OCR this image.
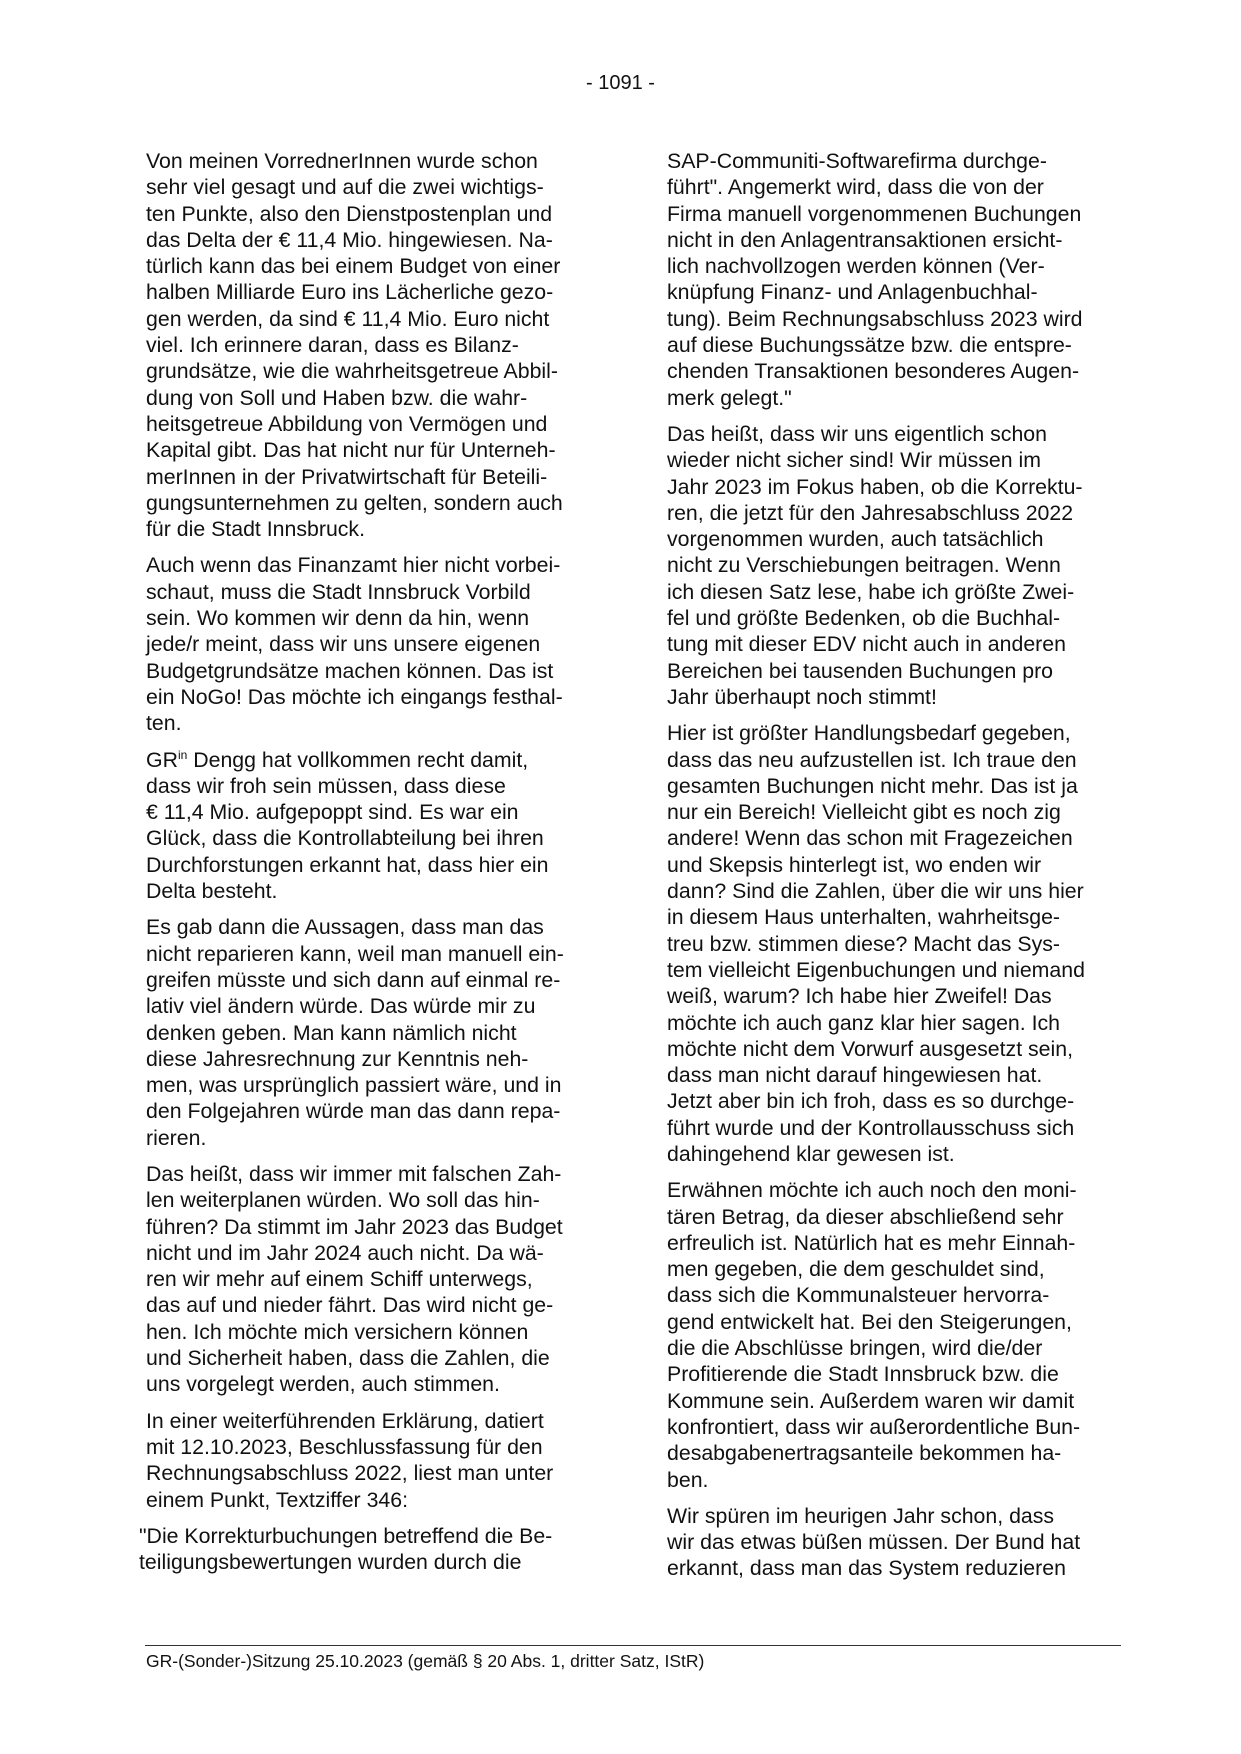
- 1091 -

Von meinen VorrednerInnen wurde schon
sehr viel gesagt und auf die zwei wichtigs-
ten Punkte, also den Dienstpostenplan und
das Delta der € 11,4 Mio. hingewiesen. Na-
türlich kann das bei einem Budget von einer
halben Milliarde Euro ins Lächerliche gezo-
gen werden, da sind € 11,4 Mio. Euro nicht
viel. Ich erinnere daran, dass es Bilanz-
grundsätze, wie die wahrheitsgetreue Abbil-
dung von Soll und Haben bzw. die wahr-
heitsgetreue Abbildung von Vermögen und
Kapital gibt. Das hat nicht nur für Unterneh-
merInnen in der Privatwirtschaft für Beteili-
gungsunternehmen zu gelten, sondern auch
für die Stadt Innsbruck.

Auch wenn das Finanzamt hier nicht vorbei-
schaut, muss die Stadt Innsbruck Vorbild
sein. Wo kommen wir denn da hin, wenn
jede/r meint, dass wir uns unsere eigenen
Budgetgrundsätze machen können. Das ist
ein NoGo! Das möchte ich eingangs festhal-
ten.

$GR^{in}$ Dengg hat vollkommen recht damit,
dass wir froh sein müssen, dass diese
€ 11,4 Mio. aufgepoppt sind. Es war ein
Glück, dass die Kontrollabteilung bei ihren
Durchforstungen erkannt hat, dass hier ein
Delta besteht.

Es gab dann die Aussagen, dass man das
nicht reparieren kann, weil man manuell ein-
greifen müsste und sich dann auf einmal re-
lativ viel ändern würde. Das würde mir zu
denken geben. Man kann nämlich nicht
diese Jahresrechnung zur Kenntnis neh-
men, was ursprünglich passiert wäre, und in
den Folgejahren würde man das dann repa-
rieren.

Das heißt, dass wir immer mit falschen Zah-
len weiterplanen würden. Wo soll das hin-
führen? Da stimmt im Jahr 2023 das Budget
nicht und im Jahr 2024 auch nicht. Da wä-
ren wir mehr auf einem Schiff unterwegs,
das auf und nieder fährt. Das wird nicht ge-
hen. Ich möchte mich versichern können
und Sicherheit haben, dass die Zahlen, die
uns vorgelegt werden, auch stimmen.

In einer weiterführenden Erklärung, datiert
mit 12.10.2023, Beschlussfassung für den
Rechnungsabschluss 2022, liest man unter
einem Punkt, Textziffer 346:

"Die Korrekturbuchungen betreffend die Be-
teiligungsbewertungen wurden durch die

SAP-Communiti-Softwarefirma durchge-
führt". Angemerkt wird, dass die von der
Firma manuell vorgenommenen Buchungen
nicht in den Anlagentransaktionen ersicht-
lich nachvollzogen werden können (Ver-
knüpfung Finanz- und Anlagenbuchhal-
tung). Beim Rechnungsabschluss 2023 wird
auf diese Buchungssätze bzw. die entspre-
chenden Transaktionen besonderes Augen-
merk gelegt."

Das heißt, dass wir uns eigentlich schon
wieder nicht sicher sind! Wir müssen im
Jahr 2023 im Fokus haben, ob die Korrektu-
ren, die jetzt für den Jahresabschluss 2022
vorgenommen wurden, auch tatsächlich
nicht zu Verschiebungen beitragen. Wenn
ich diesen Satz lese, habe ich größte Zwei-
fel und größte Bedenken, ob die Buchhal-
tung mit dieser EDV nicht auch in anderen
Bereichen bei tausenden Buchungen pro
Jahr überhaupt noch stimmt!

Hier ist größter Handlungsbedarf gegeben,
dass das neu aufzustellen ist. Ich traue den
gesamten Buchungen nicht mehr. Das ist ja
nur ein Bereich! Vielleicht gibt es noch zig
andere! Wenn das schon mit Fragezeichen
und Skepsis hinterlegt ist, wo enden wir
dann? Sind die Zahlen, über die wir uns hier
in diesem Haus unterhalten, wahrheitsge-
treu bzw. stimmen diese? Macht das Sys-
tem vielleicht Eigenbuchungen und niemand
weiß, warum? Ich habe hier Zweifel! Das
möchte ich auch ganz klar hier sagen. Ich
möchte nicht dem Vorwurf ausgesetzt sein,
dass man nicht darauf hingewiesen hat.
Jetzt aber bin ich froh, dass es so durchge-
führt wurde und der Kontrollausschuss sich
dahingehend klar gewesen ist.

Erwähnen möchte ich auch noch den moni-
tären Betrag, da dieser abschließend sehr
erfreulich ist. Natürlich hat es mehr Einnah-
men gegeben, die dem geschuldet sind,
dass sich die Kommunalsteuer hervorra-
gend entwickelt hat. Bei den Steigerungen,
die die Abschlüsse bringen, wird die/der
Profitierende die Stadt Innsbruck bzw. die
Kommune sein. Außerdem waren wir damit
konfrontiert, dass wir außerordentliche Bun-
desabgabenertragsanteile bekommen ha-
ben.

Wir spüren im heurigen Jahr schon, dass
wir das etwas büßen müssen. Der Bund hat
erkannt, dass man das System reduzieren

GR-(Sonder-)Sitzung 25.10.2023 (gemäß § 20 Abs. 1, dritter Satz, IStR)
